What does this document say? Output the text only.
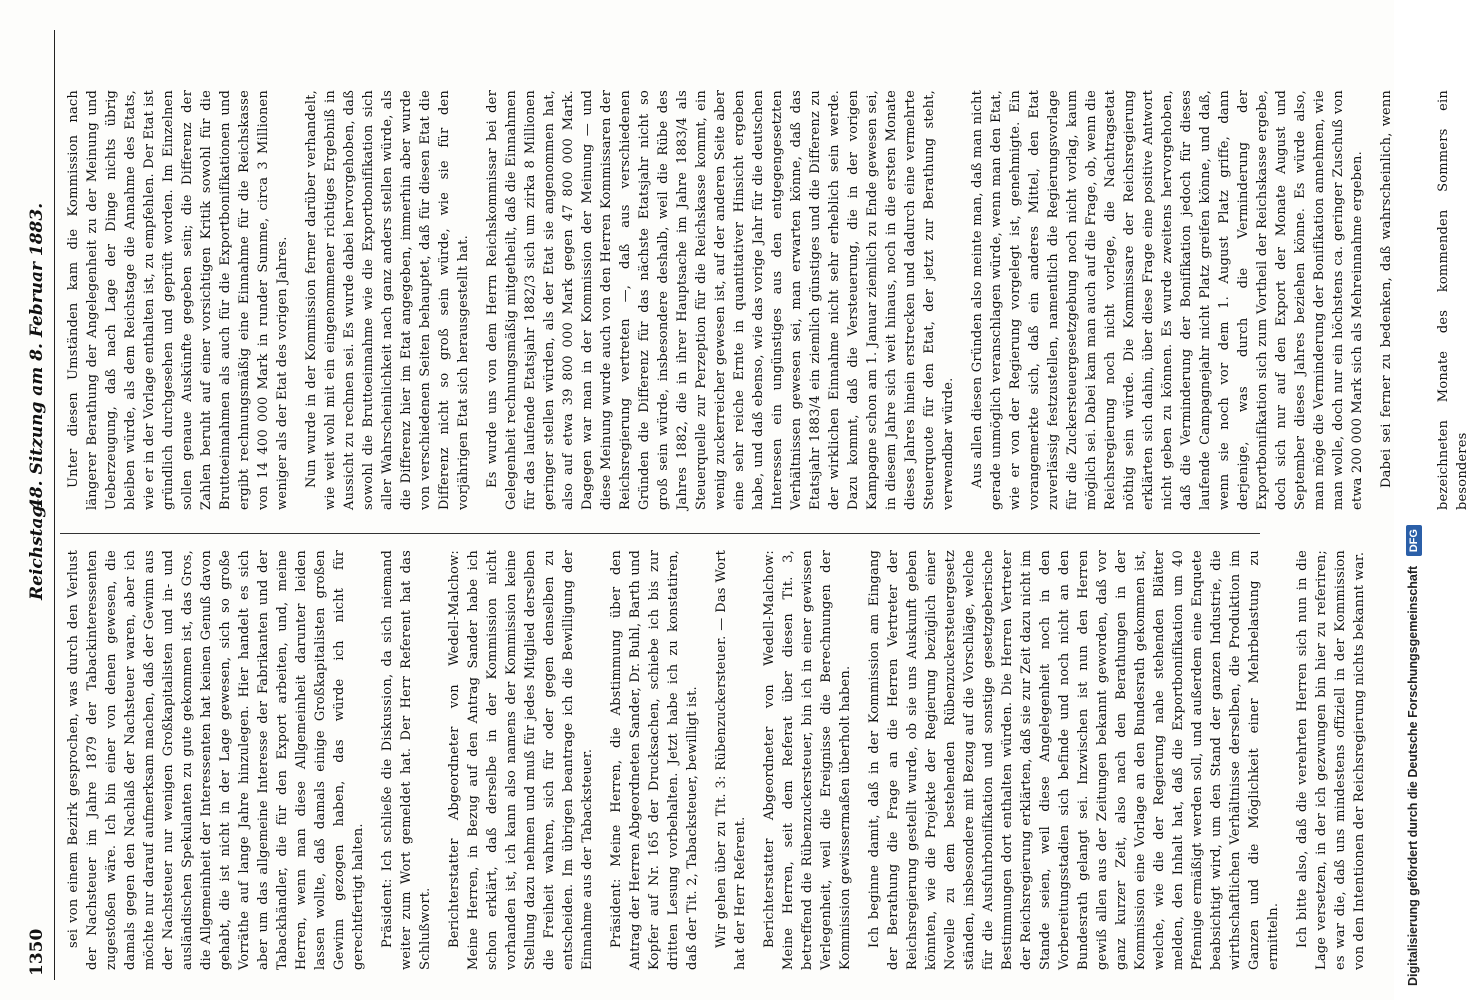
1350
Reichstag.
48. Sitzung am 8. Februar 1883.

sei von einem Bezirk gesprochen, was durch den Verlust der Nachsteuer im Jahre 1879 der Tabackinteressenten zugestoßen wäre. Ich bin einer von denen gewesen, die damals gegen den Nachlaß der Nachsteuer waren, aber ich möchte nur darauf aufmerksam machen, daß der Gewinn aus der Nachsteuer nur wenigen Großkapitalisten und in- und ausländischen Spekulanten zu gute gekommen ist, das Gros, die Allgemeinheit der Interessenten hat keinen Genuß davon gehabt, die ist nicht in der Lage gewesen, sich so große Vorräthe auf lange Jahre hinzulegen. Hier handelt es sich aber um das allgemeine Interesse der Fabrikanten und der Tabackhändler, die für den Export arbeiten, und, meine Herren, wenn man diese Allgemeinheit darunter leiden lassen wollte, daß damals einige Großkapitalisten großen Gewinn gezogen haben, das würde ich nicht für gerechtfertigt halten. Präsident: Ich schließe die Diskussion, da sich niemand weiter zum Wort gemeldet hat. Der Herr Referent hat das Schlußwort. Berichterstatter Abgeordneter von Wedell-Malchow: Meine Herren, in Bezug auf den Antrag Sander habe ich schon erklärt, daß derselbe in der Kommission nicht vorhanden ist, ich kann also namens der Kommission keine Stellung dazu nehmen und muß für jedes Mitglied derselben die Freiheit wahren, sich für oder gegen denselben zu entscheiden. Im übrigen beantrage ich die Bewilligung der Einnahme aus der Tabacksteuer. Präsident: Meine Herren, die Abstimmung über den Antrag der Herren Abgeordneten Sander, Dr. Buhl, Barth und Kopfer auf Nr. 165 der Drucksachen, schiebe ich bis zur dritten Lesung vorbehalten. Jetzt habe ich zu konstatiren, daß der Tit. 2, Tabacksteuer, bewilligt ist. Wir gehen über zu Tit. 3: Rübenzuckersteuer. — Das Wort hat der Herr Referent. Berichterstatter Abgeordneter von Wedell-Malchow: Meine Herren, seit dem Referat über diesen Tit. 3, betreffend die Rübenzuckersteuer, bin ich in einer gewissen Verlegenheit, weil die Ereignisse die Berechnungen der Kommission gewissermaßen überholt haben. Ich beginne damit, daß in der Kommission am Eingang der Berathung die Frage an die Herren Vertreter der Reichsregierung gestellt wurde, ob sie uns Auskunft geben könnten, wie die Projekte der Regierung bezüglich einer Novelle zu dem bestehenden Rübenzuckersteuergesetz ständen, insbesondere mit Bezug auf die Vorschläge, welche für die Ausfuhrbonifikation und sonstige gesetzgeberische Bestimmungen dort enthalten würden. Die Herren Vertreter der Reichsregierung erklärten, daß sie zur Zeit dazu nicht im Stande seien, weil diese Angelegenheit noch in den Vorbereitungsstadien sich befinde und noch nicht an den Bundesrath gelangt sei. Inzwischen ist nun den Herren gewiß allen aus der Zeitungen bekannt geworden, daß vor ganz kurzer Zeit, also nach den Berathungen in der Kommission eine Vorlage an den Bundesrath gekommen ist, welche, wie die der Regierung nahe stehenden Blätter melden, den Inhalt hat, daß die Exportbonifikation um 40 Pfennige ermäßigt werden soll, und außerdem eine Enquete beabsichtigt wird, um den Stand der ganzen Industrie, die wirthschaftlichen Verhältnisse derselben, die Produktion im Ganzen und die Möglichkeit einer Mehrbelastung zu ermitteln. Ich bitte also, daß die verehrten Herren sich nun in die Lage versetzen, in der ich gezwungen bin hier zu referiren; es war die, daß uns mindestens offiziell in der Kommission von den Intentionen der Reichsregierung nichts bekannt war.

Unter diesen Umständen kam die Kommission nach längerer Berathung der Angelegenheit zu der Meinung und Ueberzeugung, daß nach Lage der Dinge nichts übrig bleiben würde, als dem Reichstage die Annahme des Etats, wie er in der Vorlage enthalten ist, zu empfehlen. Der Etat ist gründlich durchgesehen und geprüft worden. Im Einzelnen sollen genaue Auskünfte gegeben sein; die Differenz der Zahlen beruht auf einer vorsichtigen Kritik sowohl für die Bruttoeinnahmen als auch für die Exportbonifikationen und ergibt rechnungsmäßig eine Einnahme für die Reichskasse von 14 400 000 Mark in runder Summe, circa 3 Millionen weniger als der Etat des vorigen Jahres. Nun wurde in der Kommission ferner darüber verhandelt, wie weit wohl mit ein eingenommener richtiges Ergebniß in Aussicht zu rechnen sei. Es wurde dabei hervorgehoben, daß sowohl die Bruttoeinnahme wie die Exportbonifikation sich aller Wahrscheinlichkeit nach ganz anders stellen würde, als die Differenz hier im Etat angegeben, immerhin aber wurde von verschiedenen Seiten behauptet, daß für diesen Etat die Differenz nicht so groß sein würde, wie sie für den vorjährigen Etat sich herausgestellt hat. Es wurde uns von dem Herrn Reichskommissar bei der Gelegenheit rechnungsmäßig mitgetheilt, daß die Einnahmen für das laufende Etatsjahr 1882/3 sich um zirka 8 Millionen geringer stellen würden, als der Etat sie angenommen hat, also auf etwa 39 800 000 Mark gegen 47 800 000 Mark. Dagegen war man in der Kommission der Meinung — und diese Meinung wurde auch von den Herren Kommissaren der Reichsregierung vertreten —, daß aus verschiedenen Gründen die Differenz für das nächste Etatsjahr nicht so groß sein würde, insbesondere deshalb, weil die Rübe des Jahres 1882, die in ihrer Hauptsache im Jahre 1883/4 als Steuerquelle zur Perzeption für die Reichskasse kommt, ein wenig zuckerreicher gewesen ist, auf der anderen Seite aber eine sehr reiche Ernte in quantitativer Hinsicht ergeben habe, und daß ebenso, wie das vorige Jahr für die deutschen Interessen ein ungünstiges aus den entgegengesetzten Verhältnissen gewesen sei, man erwarten könne, daß das Etatsjahr 1883/4 ein ziemlich günstiges und die Differenz zu der wirklichen Einnahme nicht sehr erheblich sein werde. Dazu kommt, daß die Versteuerung, die in der vorigen Kampagne schon am 1. Januar ziemlich zu Ende gewesen sei, in diesem Jahre sich weit hinaus, noch in die ersten Monate dieses Jahres hinein erstrecken und dadurch eine vermehrte Steuerquote für den Etat, der jetzt zur Berathung steht, verwendbar würde. Aus allen diesen Gründen also meinte man, daß man nicht gerade unmöglich veranschlagen würde, wenn man den Etat, wie er von der Regierung vorgelegt ist, genehmigte. Ein vorangemerkte sich, daß ein anderes Mittel, den Etat zuverlässig festzustellen, namentlich die Regierungsvorlage für die Zuckersteuergesetzgebung noch nicht vorlag, kaum möglich sei. Dabei kam man auch auf die Frage, ob, wenn die Reichsregierung noch nicht vorlege, die Nachtragsetat nöthig sein würde. Die Kommissare der Reichsregierung erklärten sich dahin, über diese Frage eine positive Antwort nicht geben zu können. Es wurde zweitens hervorgehoben, daß die Verminderung der Bonifikation jedoch für dieses laufende Campagnejahr nicht Platz greifen könne, und daß, wenn sie noch vor dem 1. August Platz griffe, dann derjenige, was durch die Verminderung der Exportbonifikation sich zum Vortheil der Reichskasse ergebe, doch sich nur auf den Export der Monate August und September dieses Jahres beziehen könne. Es würde also, man möge die Verminderung der Bonifikation annehmen, wie man wolle, doch nur ein höchstens ca. geringer Zuschuß von etwa 200 000 Mark sich als Mehreinnahme ergeben. Dabei sei ferner zu bedenken, daß wahrscheinlich, wenn bezeichneten Monate des kommenden Sommers ein besonderes

Digitalisierung gefördert durch die Deutsche Forschungsgemeinschaft DFG
